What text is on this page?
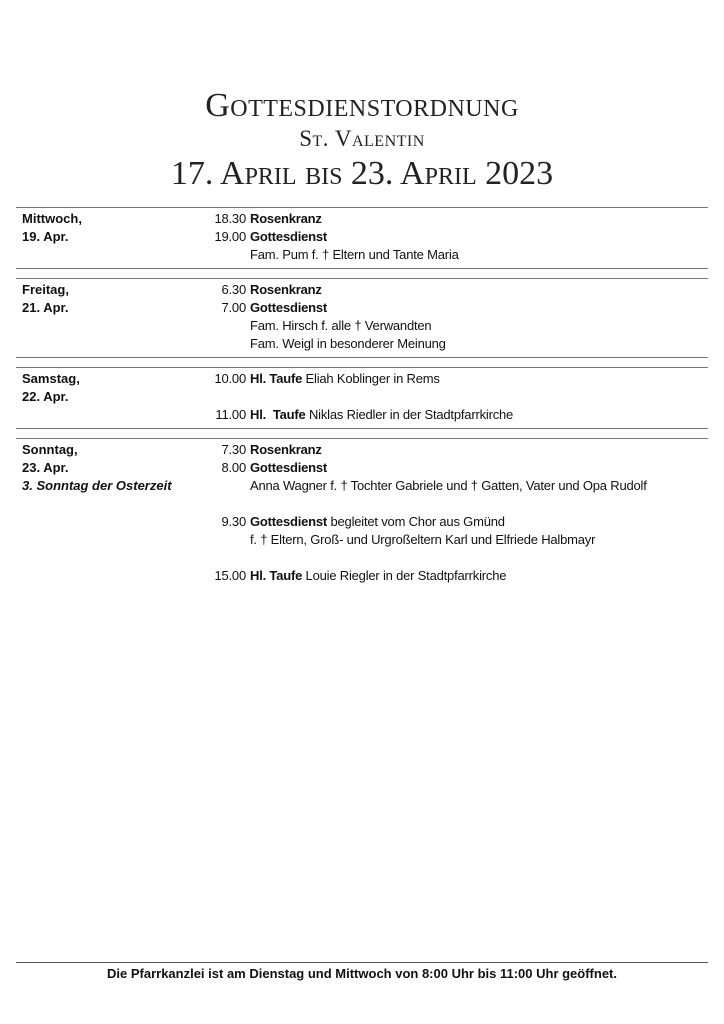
Gottesdienstordnung
St. Valentin
17. April bis 23. April 2023
Mittwoch,
19. Apr.
18.30 Rosenkranz
19.00 Gottesdienst
Fam. Pum f. † Eltern und Tante Maria
Freitag,
21. Apr.
6.30 Rosenkranz
7.00 Gottesdienst
Fam. Hirsch f. alle † Verwandten
Fam. Weigl in besonderer Meinung
Samstag,
22. Apr.
10.00 Hl. Taufe Eliah Koblinger in Rems
11.00 Hl.  Taufe Niklas Riedler in der Stadtpfarrkirche
Sonntag,
23. Apr.
3. Sonntag der Osterzeit
7.30 Rosenkranz
8.00 Gottesdienst
Anna Wagner f. † Tochter Gabriele und † Gatten, Vater und Opa Rudolf
9.30 Gottesdienst begleitet vom Chor aus Gmünd
f. † Eltern, Groß- und Urgroßeltern Karl und Elfriede Halbmayr
15.00 Hl. Taufe Louie Riegler in der Stadtpfarrkirche
Die Pfarrkanzlei ist am Dienstag und Mittwoch von 8:00 Uhr bis 11:00 Uhr geöffnet.
